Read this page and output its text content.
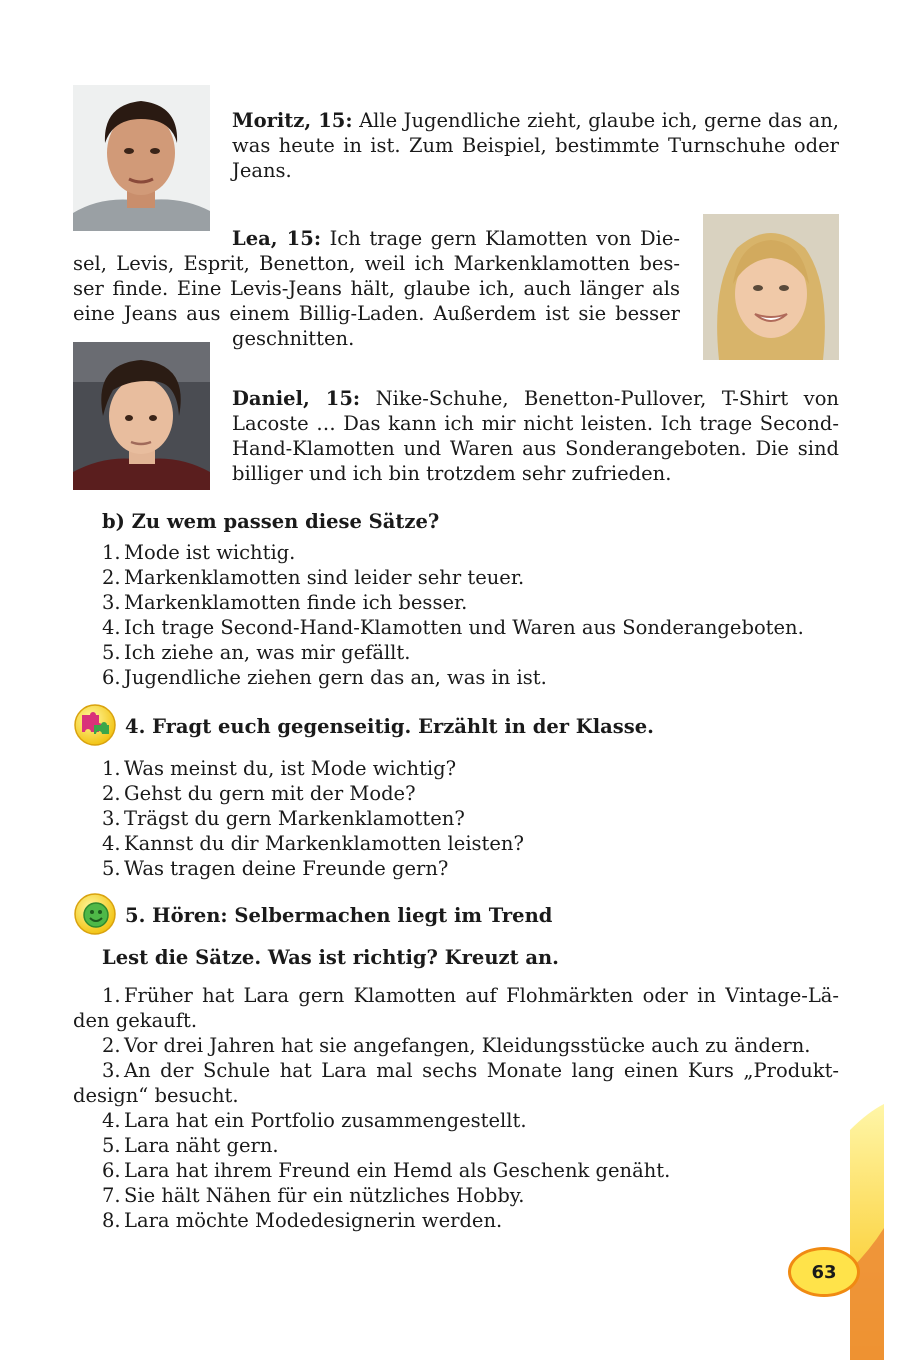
Moritz, 15: Alle Jugendliche zieht, glaube ich, gerne das an, was heute in ist. Zum Beispiel, bestimmte Turnschuhe oder Jeans.

Lea, 15: Ich trage gern Klamotten von Die-
sel, Levis, Esprit, Benetton, weil ich Markenklamotten bes-
ser finde. Eine Levis-Jeans hält, glaube ich, auch länger als
eine Jeans aus einem Billig-Laden. Außerdem ist sie besser
geschnitten.

Daniel, 15: Nike-Schuhe, Benetton-Pullover, T-Shirt von Lacoste … Das kann ich mir nicht leisten. Ich trage Second-Hand-Klamotten und Waren aus Sonderangeboten. Die sind billiger und ich bin trotzdem sehr zufrieden.

b) Zu wem passen diese Sätze?
1. Mode ist wichtig.
2. Markenklamotten sind leider sehr teuer.
3. Markenklamotten finde ich besser.
4. Ich trage Second-Hand-Klamotten und Waren aus Sonderangeboten.
5. Ich ziehe an, was mir gefällt.
6. Jugendliche ziehen gern das an, was in ist.
4. Fragt euch gegenseitig. Erzählt in der Klasse.
1. Was meinst du, ist Mode wichtig?
2. Gehst du gern mit der Mode?
3. Trägst du gern Markenklamotten?
4. Kannst du dir Markenklamotten leisten?
5. Was tragen deine Freunde gern?
5. Hören: Selbermachen liegt im Trend
Lest die Sätze. Was ist richtig? Kreuzt an.
1. Früher hat Lara gern Klamotten auf Flohmärkten oder in Vintage-Lä-
den gekauft.
2. Vor drei Jahren hat sie angefangen, Kleidungsstücke auch zu ändern.
3. An der Schule hat Lara mal sechs Monate lang einen Kurs „Produkt-
design“ besucht.
4. Lara hat ein Portfolio zusammengestellt.
5. Lara näht gern.
6. Lara hat ihrem Freund ein Hemd als Geschenk genäht.
7. Sie hält Nähen für ein nützliches Hobby.
8. Lara möchte Modedesignerin werden.
63
